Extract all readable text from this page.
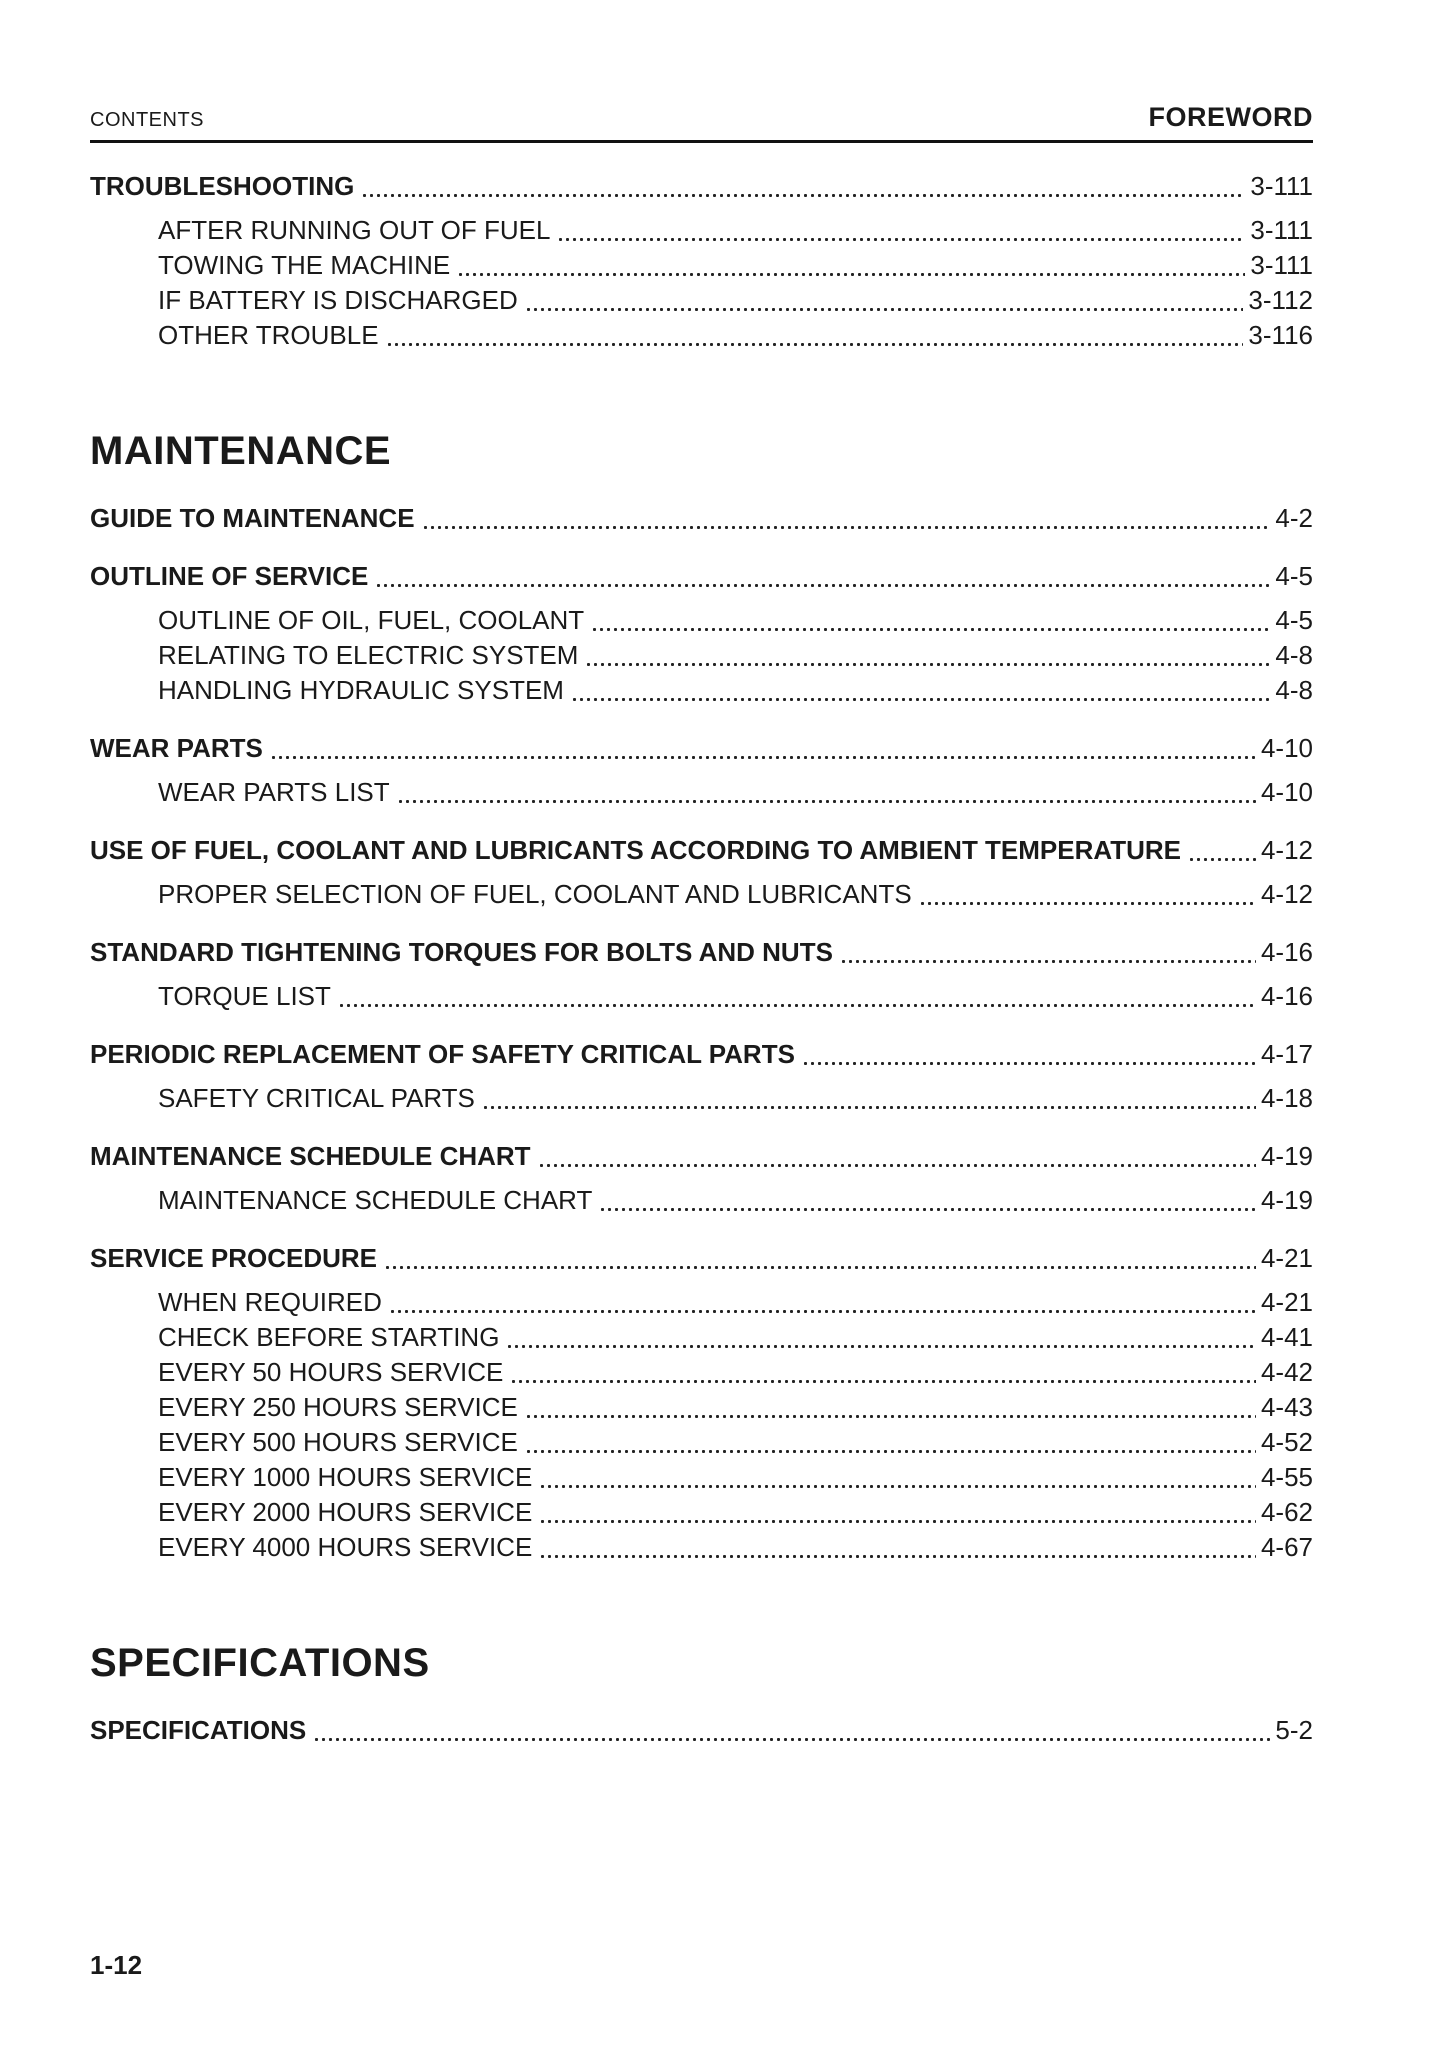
CONTENTS	FOREWORD
TROUBLESHOOTING	3-111
AFTER RUNNING OUT OF FUEL	3-111
TOWING THE MACHINE	3-111
IF BATTERY IS DISCHARGED	3-112
OTHER TROUBLE	3-116
MAINTENANCE
GUIDE TO MAINTENANCE	4-2
OUTLINE OF SERVICE	4-5
OUTLINE OF OIL, FUEL, COOLANT	4-5
RELATING TO ELECTRIC SYSTEM	4-8
HANDLING HYDRAULIC SYSTEM	4-8
WEAR PARTS	4-10
WEAR PARTS LIST	4-10
USE OF FUEL, COOLANT AND LUBRICANTS ACCORDING TO AMBIENT TEMPERATURE	4-12
PROPER SELECTION OF FUEL, COOLANT AND LUBRICANTS	4-12
STANDARD TIGHTENING TORQUES FOR BOLTS AND NUTS	4-16
TORQUE LIST	4-16
PERIODIC REPLACEMENT OF SAFETY CRITICAL PARTS	4-17
SAFETY CRITICAL PARTS	4-18
MAINTENANCE SCHEDULE CHART	4-19
MAINTENANCE SCHEDULE CHART	4-19
SERVICE PROCEDURE	4-21
WHEN REQUIRED	4-21
CHECK BEFORE STARTING	4-41
EVERY 50 HOURS SERVICE	4-42
EVERY 250 HOURS SERVICE	4-43
EVERY 500 HOURS SERVICE	4-52
EVERY 1000 HOURS SERVICE	4-55
EVERY 2000 HOURS SERVICE	4-62
EVERY 4000 HOURS SERVICE	4-67
SPECIFICATIONS
SPECIFICATIONS	5-2
1-12
